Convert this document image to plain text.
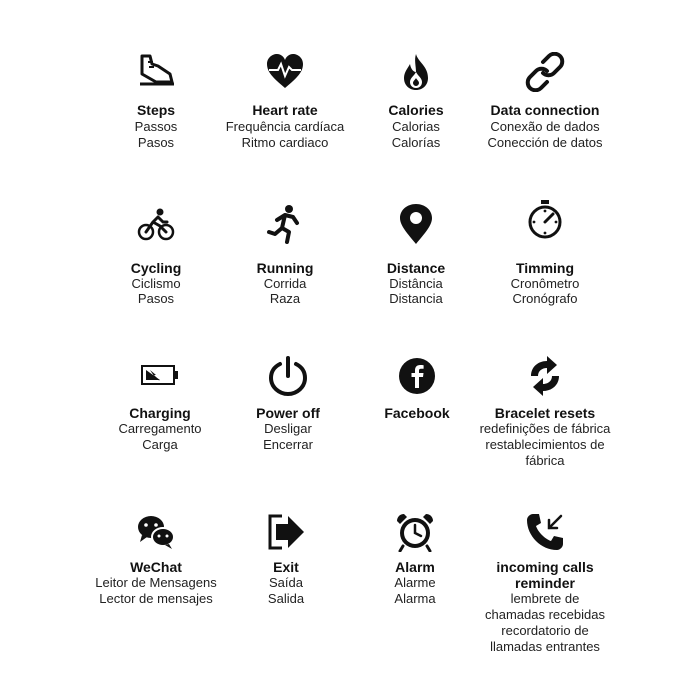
Steps
Passos
Pasos
Heart rate
Frequência cardíaca
Ritmo cardiaco
Calories
Calorias
Calorías
Data connection
Conexão de dados
Conección de datos
Cycling
Ciclismo
Pasos
Running
Corrida
Raza
Distance
Distância
Distancia
Timming
Cronômetro
Cronógrafo
Charging
Carregamento
Carga
Power off
Desligar
Encerrar
Facebook	Bracelet resets
redefinições de fábrica
restablecimientos de
fábrica
WeChat
Leitor de Mensagens
Lector de mensajes
Exit
Saída
Salida
Alarm
Alarme
Alarma
incoming calls
reminder
lembrete de
chamadas recebidas
recordatorio de
llamadas entrantes
